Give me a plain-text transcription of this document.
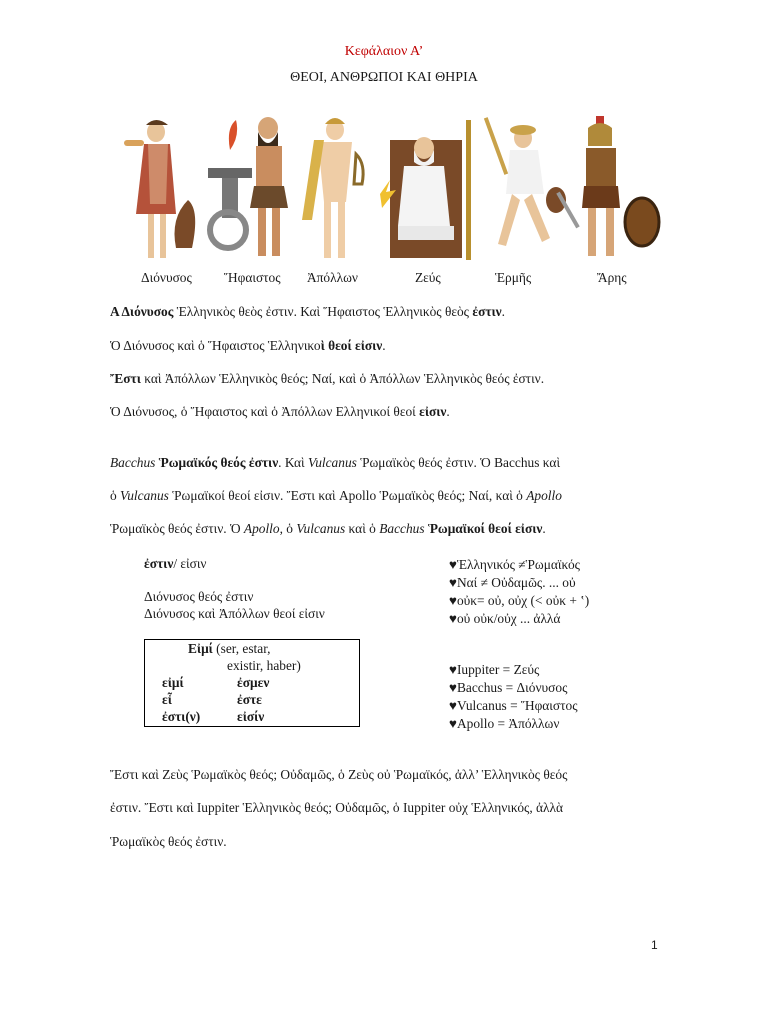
Κεφάλαιον Α’
ΘΕΟΙ, ΑΝΘΡΩΠΟΙ ΚΑΙ ΘΗΡΙΑ
Διόνυσος Ἥφαιστος Ἀπόλλων	Ζεύς	Ἑρμῆς	Ἄρης
Α Διόνυσος Ἑλληνικὸς θεὸς ἐστιν. Καὶ Ἥφαιστος Ἑλληνικὸς θεὸς ἐστιν.
Ὁ Διόνυσος καὶ ὁ Ἥφαιστος Ἑλληνικοὶ θεοί εἰσιν.
Ἔστι καὶ Ἀπόλλων Ἑλληνικὸς θεός; Ναί, καὶ ὁ Ἀπόλλων Ἑλληνικὸς θεός ἐστιν.
Ὁ Διόνυσος, ὁ Ἥφαιστος καὶ ὁ Ἀπόλλων Ελληνικοί θεοί εἰσιν.
Bacchus Ῥωμαϊκός θεός ἐστιν. Καὶ Vulcanus Ῥωμαϊκὸς θεός ἐστιν. Ὁ Bacchus καὶ
ὁ Vulcanus Ῥωμαϊκοί θεοί εἰσιν. Ἔστι καὶ Apollo Ῥωμαϊκὸς θεός; Ναί, καὶ ὁ Apollo
Ῥωμαϊκὸς θεός ἐστιν. Ὁ Apollo, ὁ Vulcanus καὶ ὁ Bacchus Ῥωμαϊκοί θεοί εἰσιν.
ἐστιν/ εἰσιν
Διόνυσος θεός ἐστιν
Διόνυσος καὶ Ἀπόλλων θεοί εἰσιν
Εἰμί (ser, estar,
existir, haber)
εἰμί	ἐσμεν
εἶ	ἐστε
ἐστι(ν)	εἰσίν
♥Ἑλληνικός ≠Ῥωμαϊκός
♥Ναί ≠ Οὐδαμῶς. ... οὐ
♥οὐκ= οὐ, οὐχ (< οὐκ + ʽ)
♥οὐ οὐκ/οὐχ ... ἀλλά
♥Iuppiter = Ζεύς
♥Bacchus = Διόνυσος
♥Vulcanus = Ἥφαιστος
♥Apollo = Ἀπόλλων
Ἔστι καὶ Ζεὺς Ῥωμαϊκὸς θεός; Οὐδαμῶς, ὁ Ζεὺς οὐ Ῥωμαϊκός, ἀλλ’ Ἑλληνικὸς θεός
ἐστιν. Ἔστι καὶ Iuppiter Ἑλληνικὸς θεός; Οὐδαμῶς, ὁ Iuppiter οὐχ Ἑλληνικός, ἀλλὰ
Ῥωμαϊκὸς θεός ἐστιν.
1
